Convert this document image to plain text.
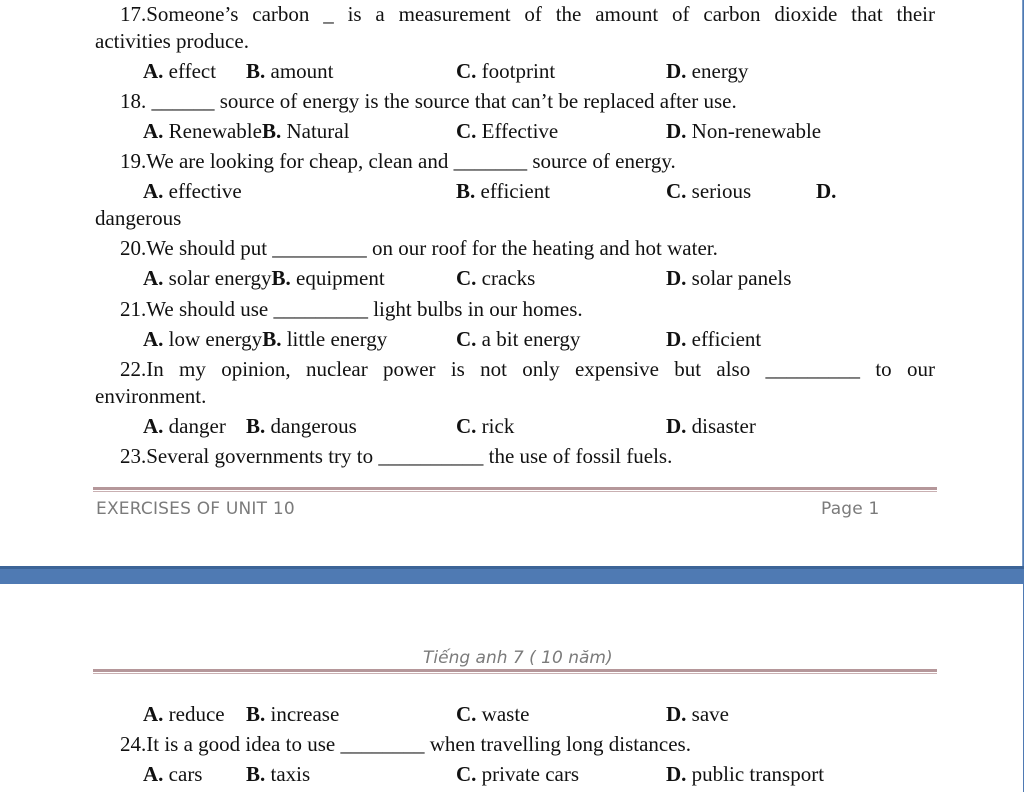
17.Someone’s carbon _ is a measurement of the amount of carbon dioxide that their
activities produce.
A. effect B. amount	C. footprint	D. energy
18. ______ source of energy is the source that can’t be replaced after use.
A. RenewableB. Natural	C. Effective	D. Non-renewable
19.We are looking for cheap, clean and _______ source of energy.
A. effective	B. efficient	C. serious	D.
dangerous
20.We should put _________ on our roof for the heating and hot water.
A. solar energyB. equipment	C. cracks	D. solar panels
21.We should use _________ light bulbs in our homes.
A. low energyB. little energy	C. a bit energy	D. efficient
22.In my opinion, nuclear power is not only expensive but also _________ to our
environment.
A. danger B. dangerous	C. rick	D. disaster
23.Several governments try to __________ the use of fossil fuels.
EXERCISES OF UNIT 10	Page 1
Tiếng anh 7 ( 10 năm)
A. reduce B. increase	C. waste	D. save
24.It is a good idea to use ________ when travelling long distances.
A. cars B. taxis	C. private cars	D. public transport
